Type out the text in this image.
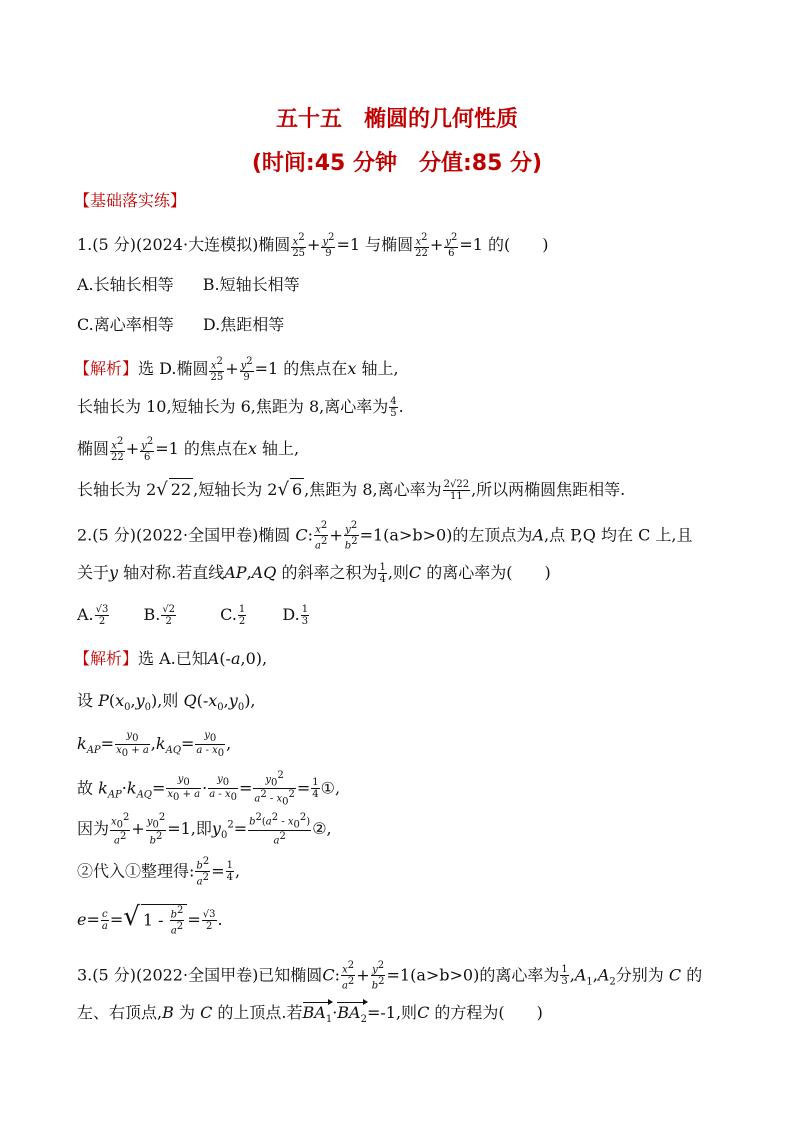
五十五　椭圆的几何性质
(时间:45 分钟　分值:85 分)
【基础落实练】
1.(5 分)(2024·大连模拟)椭圆 $\frac{x^2}{25} + \frac{y^2}{9} =1$ 与椭圆 $\frac{x^2}{22} + \frac{y^2}{6} =1$ 的(　　)
A.长轴长相等 B.短轴长相等
C.离心率相等 D.焦距相等
【解析】选 D.椭圆 $\frac{x^2}{25} + \frac{y^2}{9} =1$ 的焦点在x 轴上,
长轴长为 10,短轴长为 6,焦距为 8,离心率为 $\frac{4}{5}$ .
椭圆 $\frac{x^2}{22} + \frac{y^2}{6} =1$ 的焦点在x 轴上,
长轴长为 2√ 22 ,短轴长为 2√ 6 ,焦距为 8,离心率为 $\frac{2√22}{11}$ ,所以两椭圆焦距相等.
2.(5 分)(2022·全国甲卷)椭圆 C: $\frac{x^2}{a^2} + \frac{y^2}{b^2} =1(a>b>0)$的左顶点为A,点 P,Q 均在 C 上,且
关于y 轴对称.若直线AP,AQ 的斜率之积为 $\frac{1}{4}$ ,则C 的离心率为(　　)
A. $\frac{√3}{2} B$. $\frac{√2}{2}$	C. $\frac{1}{2} D$. $\frac{1}{3}$
【解析】选 A.已知A(-a,0),
设 $P(x_0,y_0)$,则 $Q(-x_0,y_0)$,
$k_{AP}= \frac{y_0}{x_0 + a} ,k_{AQ}= \frac{y_0}{a - x_0}$ ,
故 $k_{AP}\cdot k_{AQ}= \frac{y_0}{x_0 + a} \cdot \frac{y_0}{a - x_0} = \frac{y_0^2}{a^2 - x_0^2} = \frac{1}{4}$ ①,
因为 $\frac{x_0^2}{a^2} + \frac{y_0^2}{b^2} =1$,即$y_0^2= \frac{b^2(a^2 - x_0^2)}{a^2}$ ②,
②代入①整理得: $\frac{b^2}{a^2} = \frac{1}{4}$ ,
$e= \frac{c}{a}$ =√ $1 - \frac{b^2}{a^2} = \frac{√3}{2}$ .
3.(5 分)(2022·全国甲卷)已知椭圆C: $\frac{x^2}{a^2} + \frac{y^2}{b^2} =1(a>b>0)$的离心率为 $\frac{1}{3} ,A_1,A_2$分别为 C 的
左、右顶点,B 为 C 的上顶点.若$BA_1\cdot BA_2=-1$,则C 的方程为(　　)
